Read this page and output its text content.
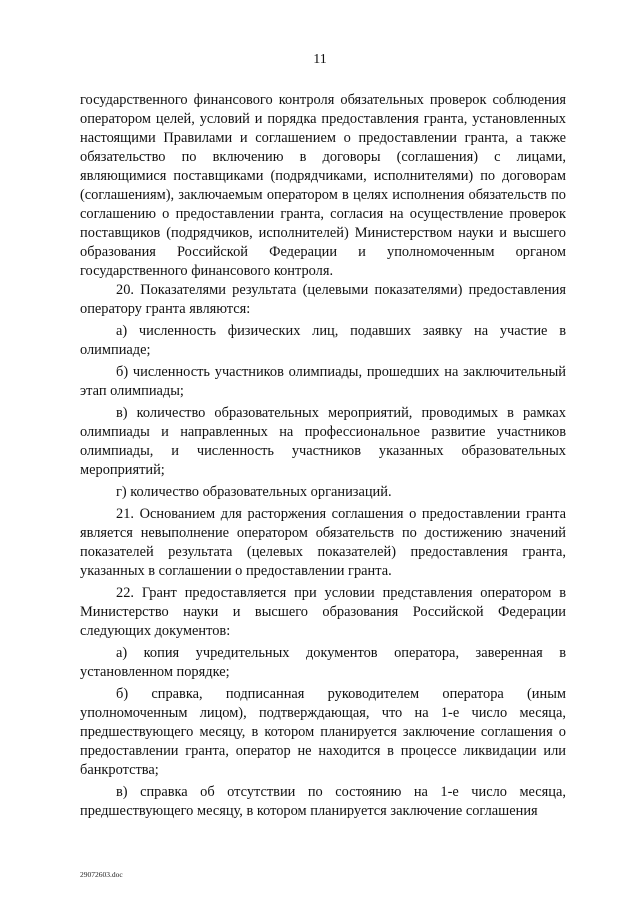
11

государственного финансового контроля обязательных проверок соблюдения оператором целей, условий и порядка предоставления гранта, установленных настоящими Правилами и соглашением о предоставлении гранта, а также обязательство по включению в договоры (соглашения) с лицами, являющимися поставщиками (подрядчиками, исполнителями) по договорам (соглашениям), заключаемым оператором в целях исполнения обязательств по соглашению о предоставлении гранта, согласия на осуществление проверок поставщиков (подрядчиков, исполнителей) Министерством науки и высшего образования Российской Федерации и уполномоченным органом государственного финансового контроля.

20. Показателями результата (целевыми показателями) предоставления оператору гранта являются:

а) численность физических лиц, подавших заявку на участие в олимпиаде;

б) численность участников олимпиады, прошедших на заключительный этап олимпиады;

в) количество образовательных мероприятий, проводимых в рамках олимпиады и направленных на профессиональное развитие участников олимпиады, и численность участников указанных образовательных мероприятий;

г) количество образовательных организаций.

21. Основанием для расторжения соглашения о предоставлении гранта является невыполнение оператором обязательств по достижению значений показателей результата (целевых показателей) предоставления гранта, указанных в соглашении о предоставлении гранта.

22. Грант предоставляется при условии представления оператором в Министерство науки и высшего образования Российской Федерации следующих документов:

а) копия учредительных документов оператора, заверенная в установленном порядке;

б) справка, подписанная руководителем оператора (иным уполномоченным лицом), подтверждающая, что на 1-е число месяца, предшествующего месяцу, в котором планируется заключение соглашения о предоставлении гранта, оператор не находится в процессе ликвидации или банкротства;

в) справка об отсутствии по состоянию на 1-е число месяца, предшествующего месяцу, в котором планируется заключение соглашения

29072603.doc
